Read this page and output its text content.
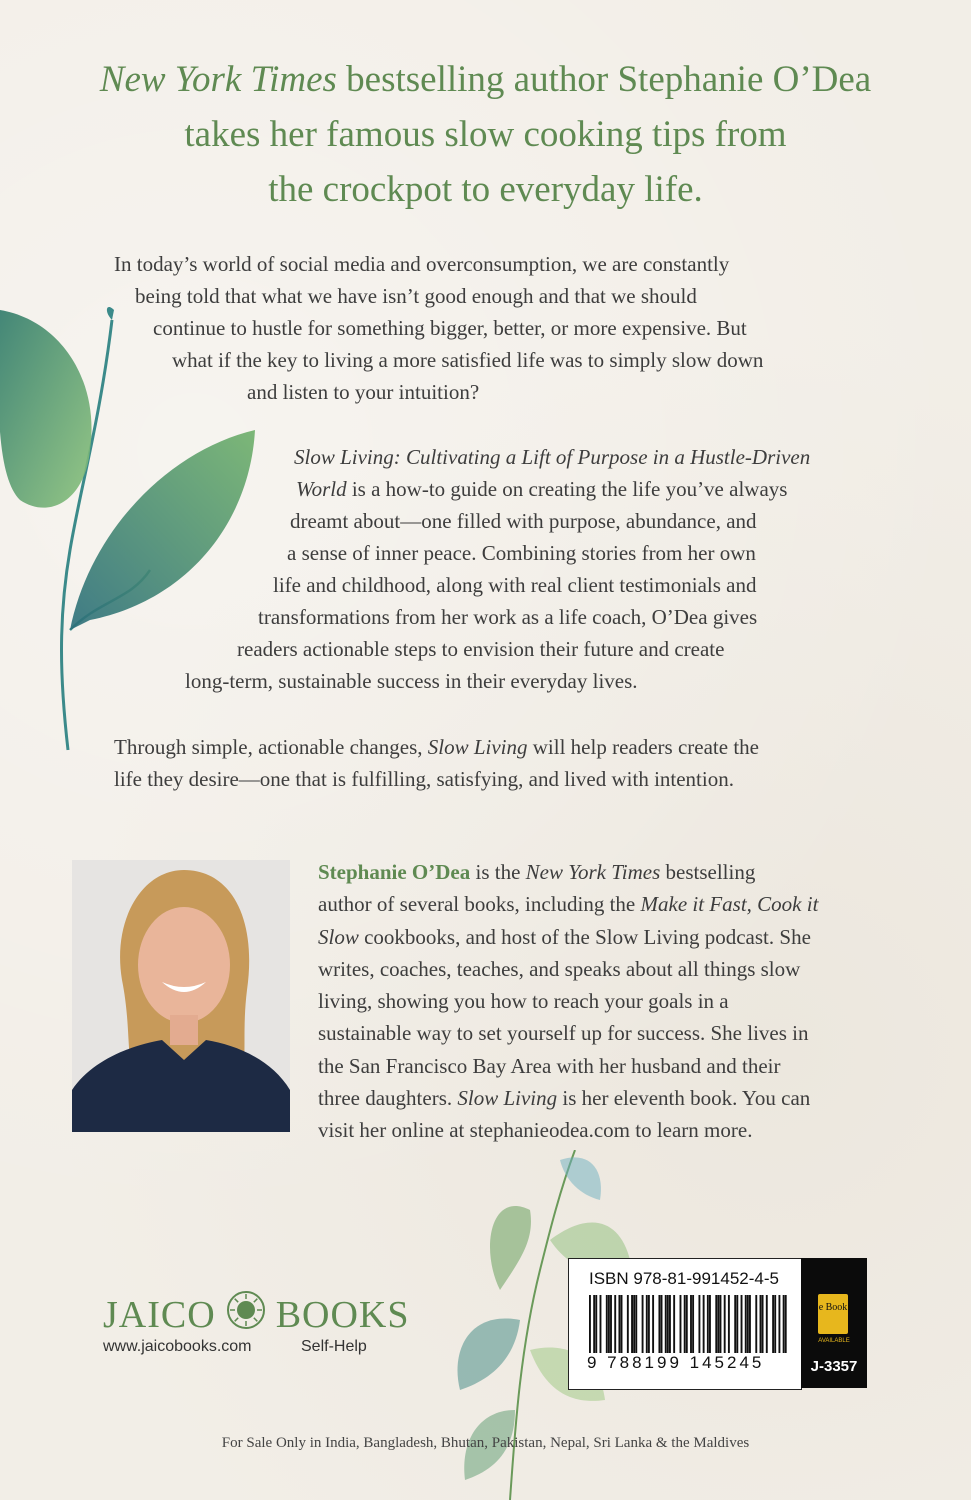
New York Times bestselling author Stephanie O’Dea
takes her famous slow cooking tips from
the crockpot to everyday life.
In today’s world of social media and overconsumption, we are constantly
being told that what we have isn’t good enough and that we should
continue to hustle for something bigger, better, or more expensive. But
what if the key to living a more satisfied life was to simply slow down
and listen to your intuition?
Slow Living: Cultivating a Lift of Purpose in a Hustle-Driven
World is a how-to guide on creating the life you’ve always
dreamt about—one filled with purpose, abundance, and
a sense of inner peace. Combining stories from her own
life and childhood, along with real client testimonials and
transformations from her work as a life coach, O’Dea gives
readers actionable steps to envision their future and create
long-term, sustainable success in their everyday lives.
Through simple, actionable changes, Slow Living will help readers create the
life they desire—one that is fulfilling, satisfying, and lived with intention.
Stephanie O’Dea is the New York Times bestselling
author of several books, including the Make it Fast, Cook it
Slow cookbooks, and host of the Slow Living podcast. She
writes, coaches, teaches, and speaks about all things slow
living, showing you how to reach your goals in a
sustainable way to set yourself up for success. She lives in
the San Francisco Bay Area with her husband and their
three daughters. Slow Living is her eleventh book. You can
visit her online at stephanieodea.com to learn more.
JAICO BOOKS
www.jaicobooks.com	Self-Help
ISBN 978-81-991452-4-5
9 788199 145245
e Book
AVAILABLE
J-3357
For Sale Only in India, Bangladesh, Bhutan, Pakistan, Nepal, Sri Lanka & the Maldives
